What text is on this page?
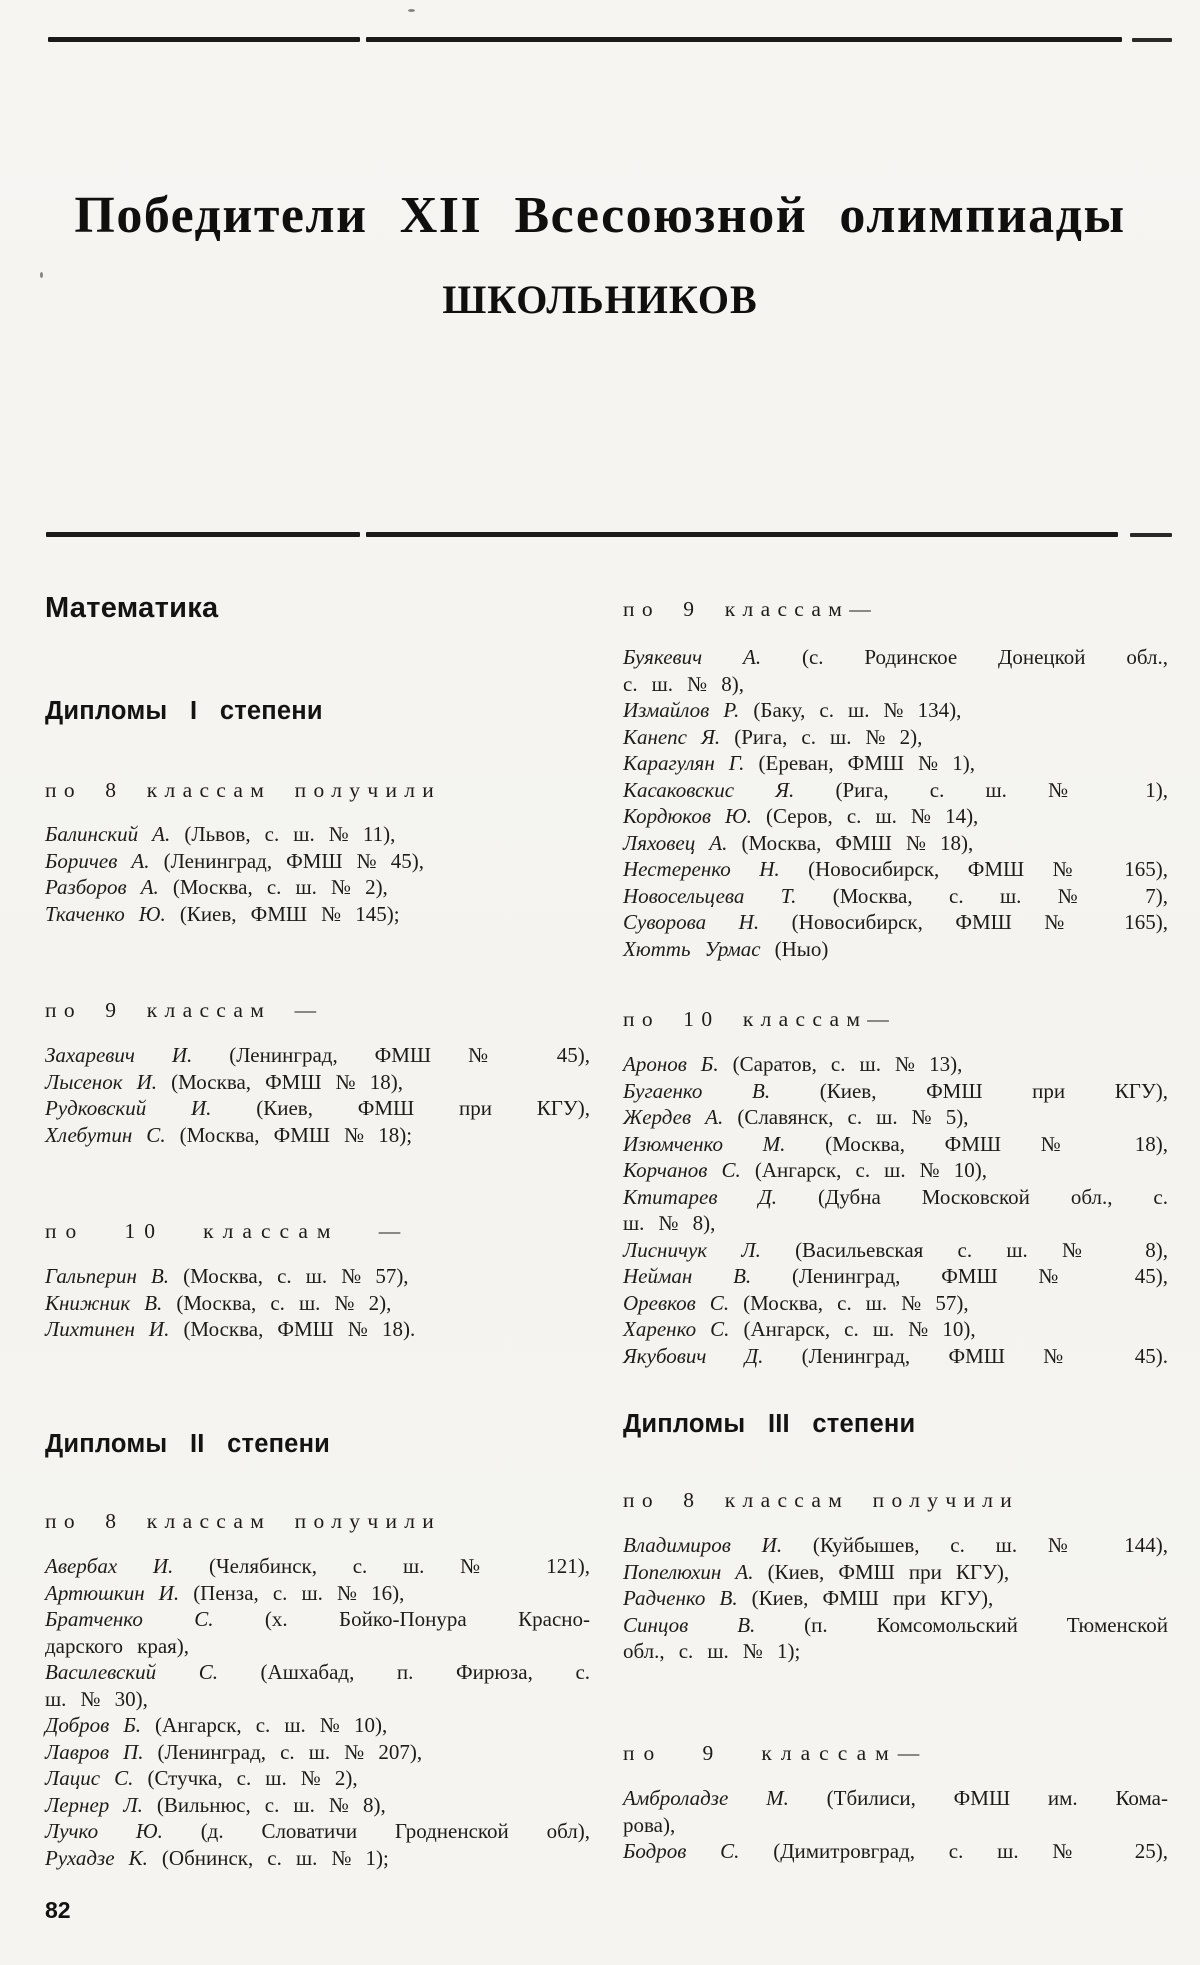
Победители XII Всесоюзной олимпиады
ШКОЛЬНИКОВ
Математика
Дипломы I степени
по 8 классам получили
Балинский А. (Львов, с. ш. № 11),
Боричев А. (Ленинград, ФМШ № 45),
Разборов А. (Москва, с. ш. № 2),
Ткаченко Ю. (Киев, ФМШ № 145);
по 9 классам —
Захаревич И. (Ленинград, ФМШ № 45),
Лысенок И. (Москва, ФМШ № 18),
Рудковский И. (Киев, ФМШ при КГУ),
Хлебутин С. (Москва, ФМШ № 18);
по 10 классам —
Гальперин В. (Москва, с. ш. № 57),
Книжник В. (Москва, с. ш. № 2),
Лихтинен И. (Москва, ФМШ № 18).
Дипломы II степени
по 8 классам получили
Авербах И. (Челябинск, с. ш. № 121),
Артюшкин И. (Пенза, с. ш. № 16),
Братченко С. (х. Бойко-Понура Красно-
дарского края),
Василевский С. (Ашхабад, п. Фирюза, с.
ш. № 30),
Добров Б. (Ангарск, с. ш. № 10),
Лавров П. (Ленинград, с. ш. № 207),
Лацис С. (Стучка, с. ш. № 2),
Лернер Л. (Вильнюс, с. ш. № 8),
Лучко Ю. (д. Словатичи Гродненской обл),
Рухадзе К. (Обнинск, с. ш. № 1);
по 9 классам—
Буякевич А. (с. Родинское Донецкой обл.,
с. ш. № 8),
Измайлов Р. (Баку, с. ш. № 134),
Канепс Я. (Рига, с. ш. № 2),
Карагулян Г. (Ереван, ФМШ № 1),
Касаковскис Я. (Рига, с. ш. № 1),
Кордюков Ю. (Серов, с. ш. № 14),
Ляховец А. (Москва, ФМШ № 18),
Нестеренко Н. (Новосибирск, ФМШ № 165),
Новосельцева Т. (Москва, с. ш. № 7),
Суворова Н. (Новосибирск, ФМШ № 165),
Хютть Урмас (Ныо)
по 10 классам—
Аронов Б. (Саратов, с. ш. № 13),
Бугаенко В. (Киев, ФМШ при КГУ),
Жердев А. (Славянск, с. ш. № 5),
Изюмченко М. (Москва, ФМШ № 18),
Корчанов С. (Ангарск, с. ш. № 10),
Ктитарев Д. (Дубна Московской обл., с.
ш. № 8),
Лисничук Л. (Васильевская с. ш. № 8),
Нейман В. (Ленинград, ФМШ № 45),
Оревков С. (Москва, с. ш. № 57),
Харенко С. (Ангарск, с. ш. № 10),
Якубович Д. (Ленинград, ФМШ № 45).
Дипломы III степени
по 8 классам получили
Владимиров И. (Куйбышев, с. ш. № 144),
Попелюхин А. (Киев, ФМШ при КГУ),
Радченко В. (Киев, ФМШ при КГУ),
Синцов В. (п. Комсомольский Тюменской
обл., с. ш. № 1);
по 9 классам—
Амброладзе М. (Тбилиси, ФМШ им. Кома-
рова),
Бодров С. (Димитровград, с. ш. № 25),
82
